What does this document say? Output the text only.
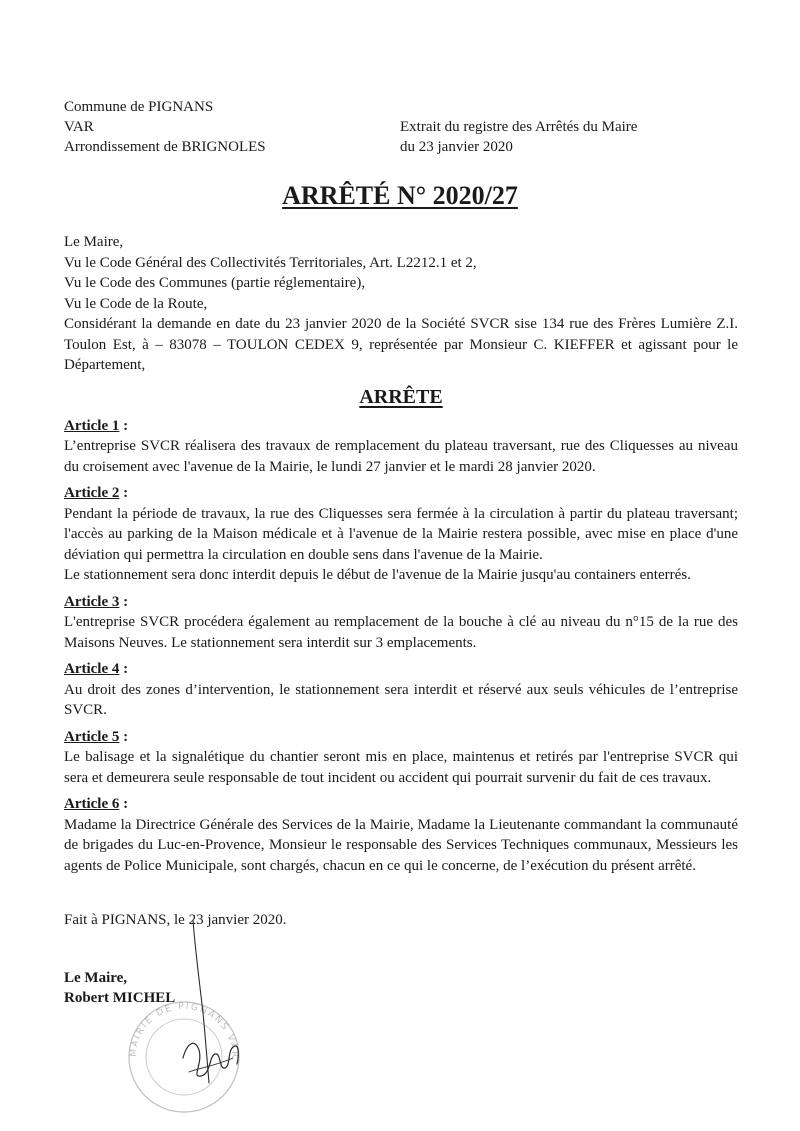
Commune de PIGNANS
VAR
Arrondissement de BRIGNOLES
Extrait du registre des Arrêtés du Maire
du 23 janvier 2020
ARRÊTÉ N° 2020/27
Le Maire,
Vu le Code Général des Collectivités Territoriales, Art. L2212.1 et 2,
Vu le Code des Communes (partie réglementaire),
Vu le Code de la Route,
Considérant la demande en date du 23 janvier 2020 de la Société SVCR sise 134 rue des Frères Lumière Z.I. Toulon Est, à – 83078 – TOULON CEDEX 9, représentée par Monsieur C. KIEFFER et agissant pour le Département,
ARRÊTE
Article 1 :
L’entreprise SVCR réalisera des travaux de remplacement du plateau traversant, rue des Cliquesses au niveau du croisement avec l'avenue de la Mairie, le lundi 27 janvier et le mardi 28 janvier 2020.
Article 2 :
Pendant la période de travaux, la rue des Cliquesses sera fermée à la circulation à partir du plateau traversant; l'accès au parking de la Maison médicale et à l'avenue de la Mairie restera possible, avec mise en place d'une déviation qui permettra la circulation en double sens dans l'avenue de la Mairie.
Le stationnement sera donc interdit depuis le début de l'avenue de la Mairie jusqu'au containers enterrés.
Article 3 :
L'entreprise SVCR procédera également au remplacement de la bouche à clé au niveau du n°15 de la rue des Maisons Neuves. Le stationnement sera interdit sur 3 emplacements.
Article 4 :
Au droit des zones d’intervention, le stationnement sera interdit et réservé aux seuls véhicules de l’entreprise SVCR.
Article 5 :
Le balisage et la signalétique du chantier seront mis en place, maintenus et retirés par l'entreprise SVCR qui sera et demeurera seule responsable de tout incident ou accident qui pourrait survenir du fait de ces travaux.
Article 6 :
Madame la Directrice Générale des Services de la Mairie, Madame la Lieutenante commandant la communauté de brigades du Luc-en-Provence, Monsieur le responsable des Services Techniques communaux, Messieurs les agents de Police Municipale, sont chargés, chacun en ce qui le concerne, de l’exécution du présent arrêté.
Fait à PIGNANS, le 23 janvier 2020.
Le Maire,
Robert MICHEL
MAIRIE DE PIGNANS VAR
